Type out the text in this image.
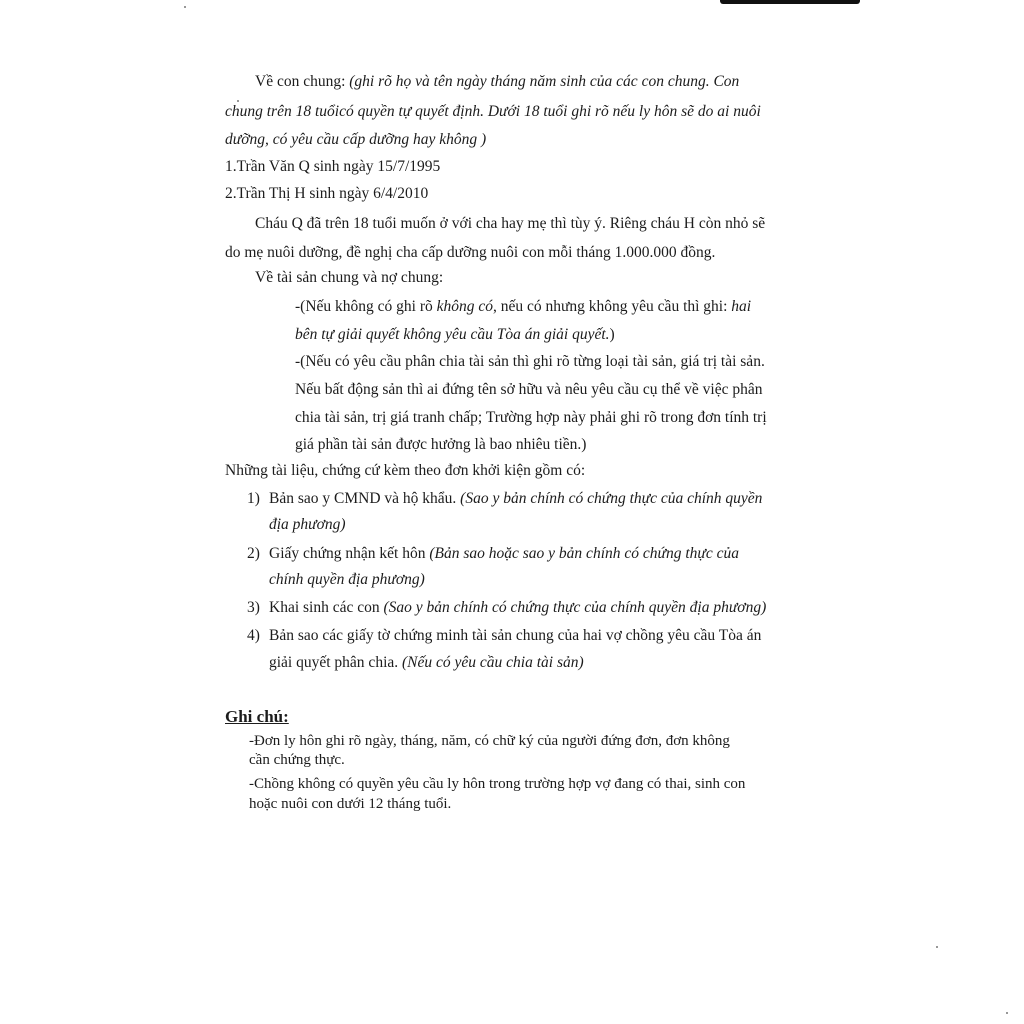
Về con chung: (ghi rõ họ và tên ngày tháng năm sinh của các con chung. Con
chung trên 18 tuổicó quyền tự quyết định. Dưới 18 tuổi ghi rõ nếu ly hôn sẽ do ai nuôi
dưỡng, có yêu cầu cấp dưỡng hay không )
1.Trần Văn Q sinh ngày 15/7/1995
2.Trần Thị H sinh ngày 6/4/2010
Cháu Q đã trên 18 tuổi muốn ở với cha hay mẹ thì tùy ý. Riêng cháu H còn nhỏ sẽ
do mẹ nuôi dưỡng, đề nghị cha cấp dưỡng nuôi con mỗi tháng 1.000.000 đồng.
Về tài sản chung và nợ chung:
-(Nếu không có ghi rõ không có, nếu có nhưng không yêu cầu thì ghi: hai
bên tự giải quyết không yêu cầu Tòa án giải quyết.)
-(Nếu có yêu cầu phân chia tài sản thì ghi rõ từng loại tài sản, giá trị tài sản.
Nếu bất động sản thì ai đứng tên sở hữu và nêu yêu cầu cụ thể về việc phân
chia tài sản, trị giá tranh chấp; Trường hợp này phải ghi rõ trong đơn tính trị
giá phần tài sản được hưởng là bao nhiêu tiền.)
Những tài liệu, chứng cứ kèm theo đơn khởi kiện gồm có:
1) Bản sao y CMND và hộ khẩu. (Sao y bản chính có chứng thực của chính quyền
địa phương)
2) Giấy chứng nhận kết hôn (Bản sao hoặc sao y bản chính có chứng thực của
chính quyền địa phương)
3) Khai sinh các con (Sao y bản chính có chứng thực của chính quyền địa phương)
4) Bản sao các giấy tờ chứng minh tài sản chung của hai vợ chồng yêu cầu Tòa án
giải quyết phân chia. (Nếu có yêu cầu chia tài sản)
Ghi chú:
-Đơn ly hôn ghi rõ ngày, tháng, năm, có chữ ký của người đứng đơn, đơn không
cần chứng thực.
-Chồng không có quyền yêu cầu ly hôn trong trường hợp vợ đang có thai, sinh con
hoặc nuôi con dưới 12 tháng tuổi.
